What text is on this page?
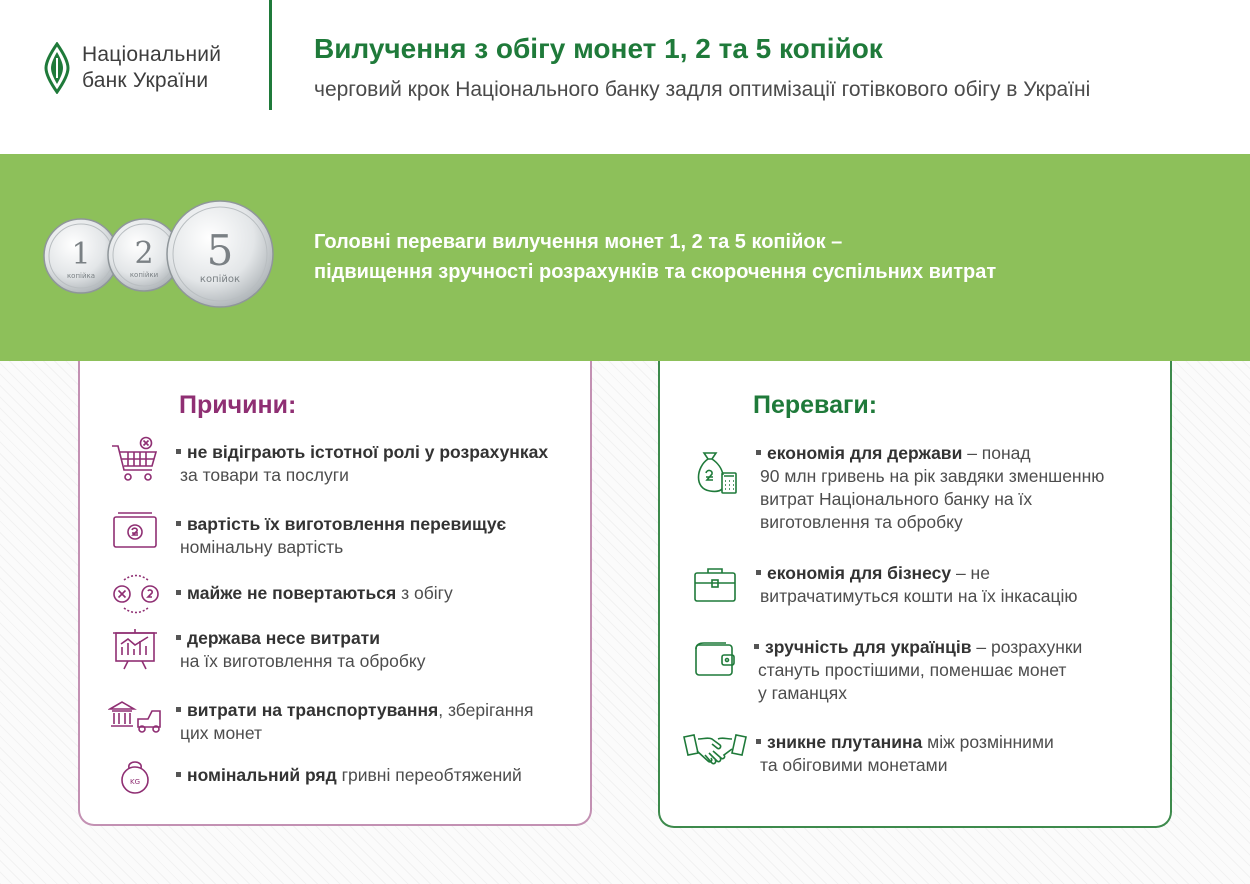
Національний
банк України
Вилучення з обігу монет 1, 2 та 5 копійок
черговий крок Національного банку задля оптимізації готівкового обігу в Україні
1
копійка
2
копійки 5
копійок
Головні переваги вилучення монет 1, 2 та 5 копійок –
підвищення зручності розрахунків та скорочення суспільних витрат
Причини:
не відіграють істотної ролі у розрахунках
за товари та послуги
вартість їх виготовлення перевищує
номінальну вартість
майже не повертаються з обігу
держава несе витрати
на їх виготовлення та обробку
витрати на транспортування, зберігання
цих монет
KG	номінальний ряд гривні переобтяжений
Переваги:
економія для держави – понад
90 млн гривень на рік завдяки зменшенню
витрат Національного банку на їх
виготовлення та обробку
економія для бізнесу – не
витрачатимуться кошти на їх інкасацію
зручність для українців – розрахунки
стануть простішими, поменшає монет
у гаманцях
зникне плутанина між розмінними
та обіговими монетами
